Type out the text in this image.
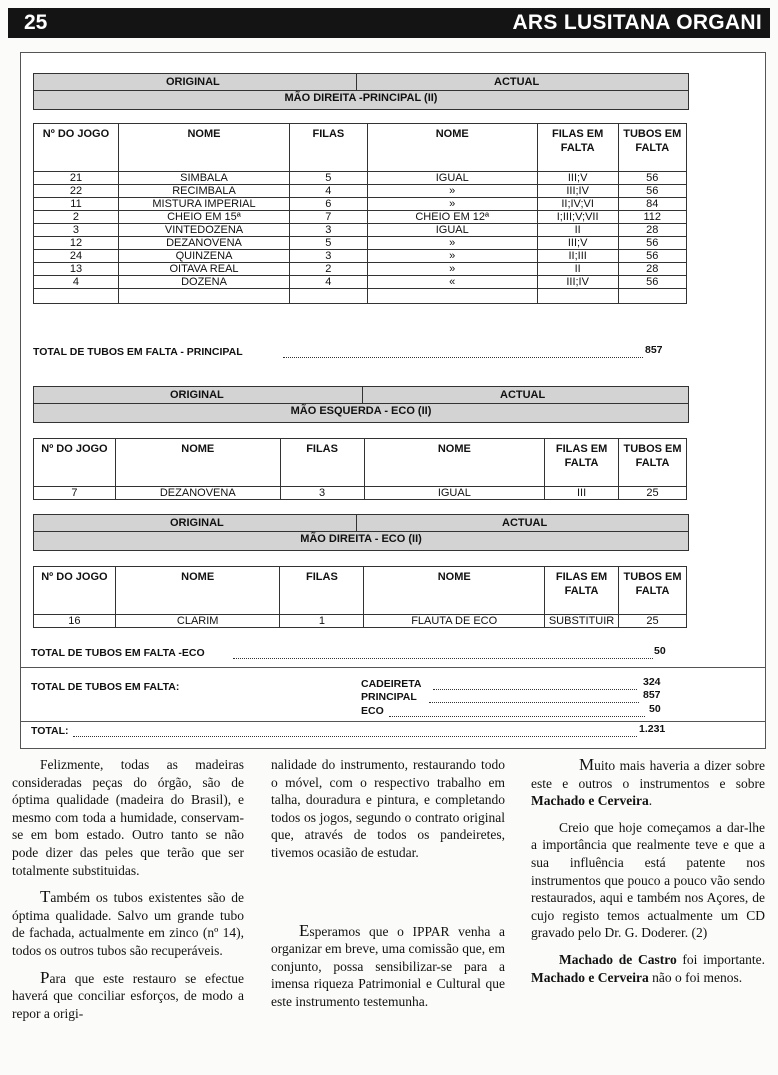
25	ARS LUSITANA ORGANI
ORIGINAL	ACTUAL
MÃO DIREITA -PRINCIPAL (II)
Nº DO JOGO	NOME	FILAS	NOME	FILAS EM FALTA	TUBOS EM FALTA
21	SIMBALA	5	IGUAL	III;V	56
22	RECIMBALA	4	»	III;IV	56
11	MISTURA IMPERIAL	6	»	II;IV;VI	84
2	CHEIO EM 15ª	7	CHEIO EM 12ª	I;III;V;VII	112
3	VINTEDOZENA	3	IGUAL	II	28
12	DEZANOVENA	5	»	III;V	56
24	QUINZENA	3	»	II;III	56
13	OITAVA REAL	2	»	II	28
4	DOZENA	4	«	III;IV	56

TOTAL DE TUBOS EM FALTA - PRINCIPAL	857
ORIGINAL	ACTUAL
MÃO ESQUERDA - ECO (II)
Nº DO JOGO	NOME	FILAS	NOME	FILAS EM FALTA	TUBOS EM FALTA
7	DEZANOVENA	3	IGUAL	III	25
ORIGINAL	ACTUAL
MÃO DIREITA - ECO (II)
Nº DO JOGO	NOME	FILAS	NOME	FILAS EM FALTA	TUBOS EM FALTA
16	CLARIM	1	FLAUTA DE ECO	SUBSTITUIR	25
TOTAL DE TUBOS EM FALTA -ECO	50
TOTAL DE TUBOS EM FALTA:	CADEIRETA	324
PRINCIPAL	857
ECO	50
TOTAL:	1.231

Felizmente, todas as madeiras consideradas peças do órgão, são de óptima qualidade (madeira do Brasil), e mesmo com toda a humidade, conservam-se em bom estado. Outro tanto se não pode dizer das peles que terão que ser totalmente substituidas.

Também os tubos existentes são de óptima qualidade. Salvo um grande tubo de fachada, actualmente em zinco (nº 14), todos os outros tubos são recuperáveis.

Para que este restauro se efectue haverá que conciliar esforços, de modo a repor a origi-

nalidade do instrumento, restaurando todo o móvel, com o respectivo trabalho em talha, douradura e pintura, e completando todos os jogos, segundo o contrato original que, através de todos os pandeiretes, tivemos ocasião de estudar.

Esperamos que o IPPAR venha a organizar em breve, uma comissão que, em conjunto, possa sensibilizar-se para a imensa riqueza Patrimonial e Cultural que este instrumento testemunha.

Muito mais haveria a dizer sobre este e outros o instrumentos e sobre Machado e Cerveira.

Creio que hoje começamos a dar-lhe a importância que realmente teve e que a sua influência está patente nos instrumentos que pouco a pouco vão sendo restaurados, aqui e também nos Açores, de cujo registo temos actualmente um CD gravado pelo Dr. G. Doderer. (2)

Machado de Castro foi importante. Machado e Cerveira não o foi menos.
